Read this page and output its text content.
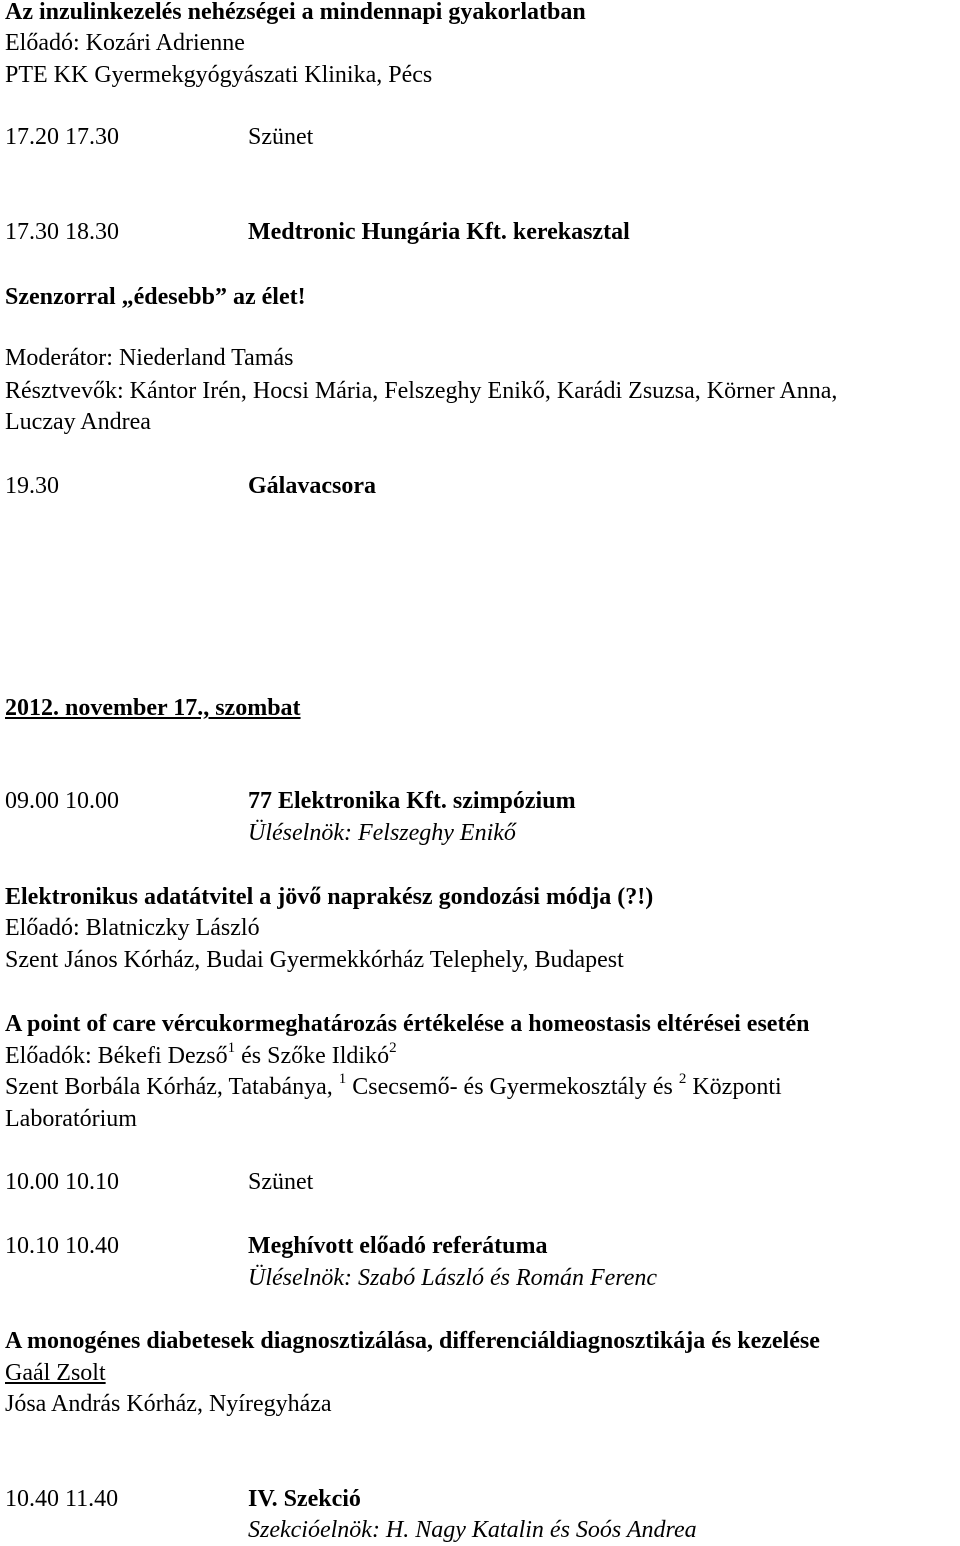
Az inzulinkezelés nehézségei a mindennapi gyakorlatban
Előadó: Kozári Adrienne
PTE KK Gyermekgyógyászati Klinika, Pécs
17.20 17.30	Szünet
17.30 18.30	Medtronic Hungária Kft. kerekasztal
Szenzorral „édesebb” az élet!
Moderátor: Niederland Tamás
Résztvevők: Kántor Irén, Hocsi Mária, Felszeghy Enikő, Karádi Zsuzsa, Körner Anna,
Luczay Andrea
19.30	Gálavacsora
2012. november 17., szombat
09.00 10.00	77 Elektronika Kft. szimpózium
Üléselnök: Felszeghy Enikő
Elektronikus adatátvitel a jövő naprakész gondozási módja (?!)
Előadó: Blatniczky László
Szent János Kórház, Budai Gyermekkórház Telephely, Budapest
A point of care vércukormeghatározás értékelése a homeostasis eltérései esetén
Előadók: Békefi Dezső$^1$ és Szőke Ildikó$^2$
Szent Borbála Kórház, Tatabánya, $^1$ Csecsemő- és Gyermekosztály és $^2$ Központi
Laboratórium
10.00 10.10	Szünet
10.10 10.40	Meghívott előadó referátuma
Üléselnök: Szabó László és Román Ferenc
A monogénes diabetesek diagnosztizálása, differenciáldiagnosztikája és kezelése
Gaál Zsolt
Jósa András Kórház, Nyíregyháza
10.40 11.40	IV. Szekció
Szekcióelnök: H. Nagy Katalin és Soós Andrea
